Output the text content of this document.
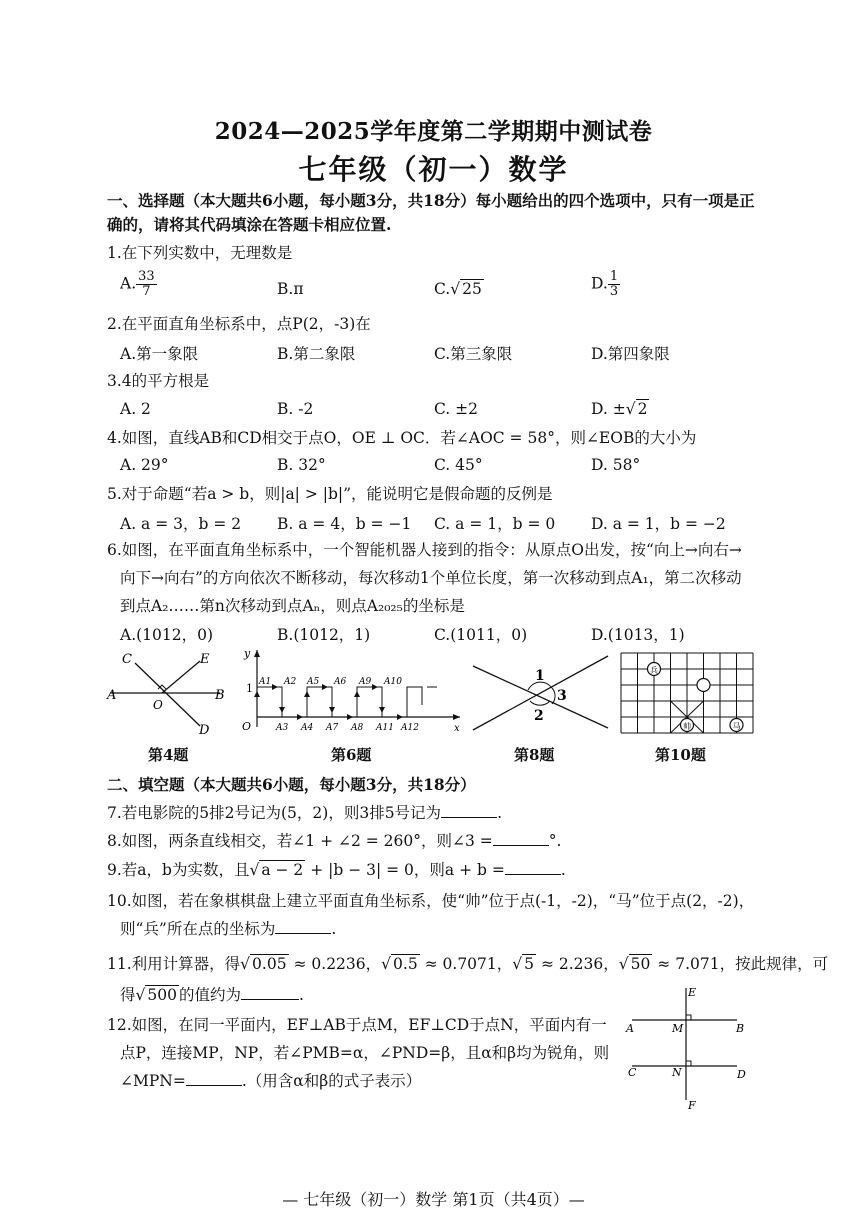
2024—2025学年度第二学期期中测试卷
七年级（初一）数学
一、选择题（本大题共6小题，每小题3分，共18分）每小题给出的四个选项中，只有一项是正
确的，请将其代码填涂在答题卡相应位置.
1.在下列实数中，无理数是
A. $\frac{33}{7}$	B.π	C.√ 25	D. $\frac{1}{3}$
2.在平面直角坐标系中，点P(2，-3)在
A.第一象限	B.第二象限	C.第三象限	D.第四象限
3.4的平方根是
A. 2	B. -2	C. ±2	D. ±√ 2
4.如图，直线AB和CD相交于点O，OE ⊥ OC．若∠AOC = 58°，则∠EOB的大小为
A. 29°	B. 32°	C. 45°	D. 58°
5.对于命题“若a > b，则|a| > |b|”，能说明它是假命题的反例是
A. a = 3，b = 2 B. a = 4，b = −1 C. a = 1，b = 0 D. a = 1，b = −2
6.如图，在平面直角坐标系中，一个智能机器人接到的指令：从原点O出发，按“向上→向右→
向下→向右”的方向依次不断移动，每次移动1个单位长度，第一次移动到点A₁，第二次移动
到点A₂……第n次移动到点Aₙ，则点A₂₀₂₅的坐标是
A.(1012，0)	B.(1012，1)	C.(1011，0)	D.(1013，1)
C	E
A
O
B
D
y
1
O	x
A1 A2
A3 A4
A5 A6
A7 A8
A9 A10
A11 A12
1
2
3
兵
帅	马
第4题	第6题	第8题	第10题
二、填空题（本大题共6小题，每小题3分，共18分）
7.若电影院的5排2号记为(5，2)，则3排5号记为	.
8.如图，两条直线相交，若∠1 + ∠2 = 260°，则∠3 =	°.
9.若a，b为实数，且√ a − 2 + |b − 3| = 0，则a + b =	.
10.如图，若在象棋棋盘上建立平面直角坐标系，使“帅”位于点(-1，-2)，“马”位于点(2，-2)，
则“兵”所在点的坐标为	.
11.利用计算器，得√ 0.05 ≈ 0.2236，√ 0.5 ≈ 0.7071，√ 5 ≈ 2.236，√ 50 ≈ 7.071，按此规律，可
得√ 500 的值约为	.
12.如图，在同一平面内，EF⊥AB于点M，EF⊥CD于点N，平面内有一
点P，连接MP，NP，若∠PMB=α，∠PND=β，且α和β均为锐角，则
∠MPN=	.（用含α和β的式子表示）
E
A	M	B
C	N	D
F
— 七年级（初一）数学 第1页（共4页）—
